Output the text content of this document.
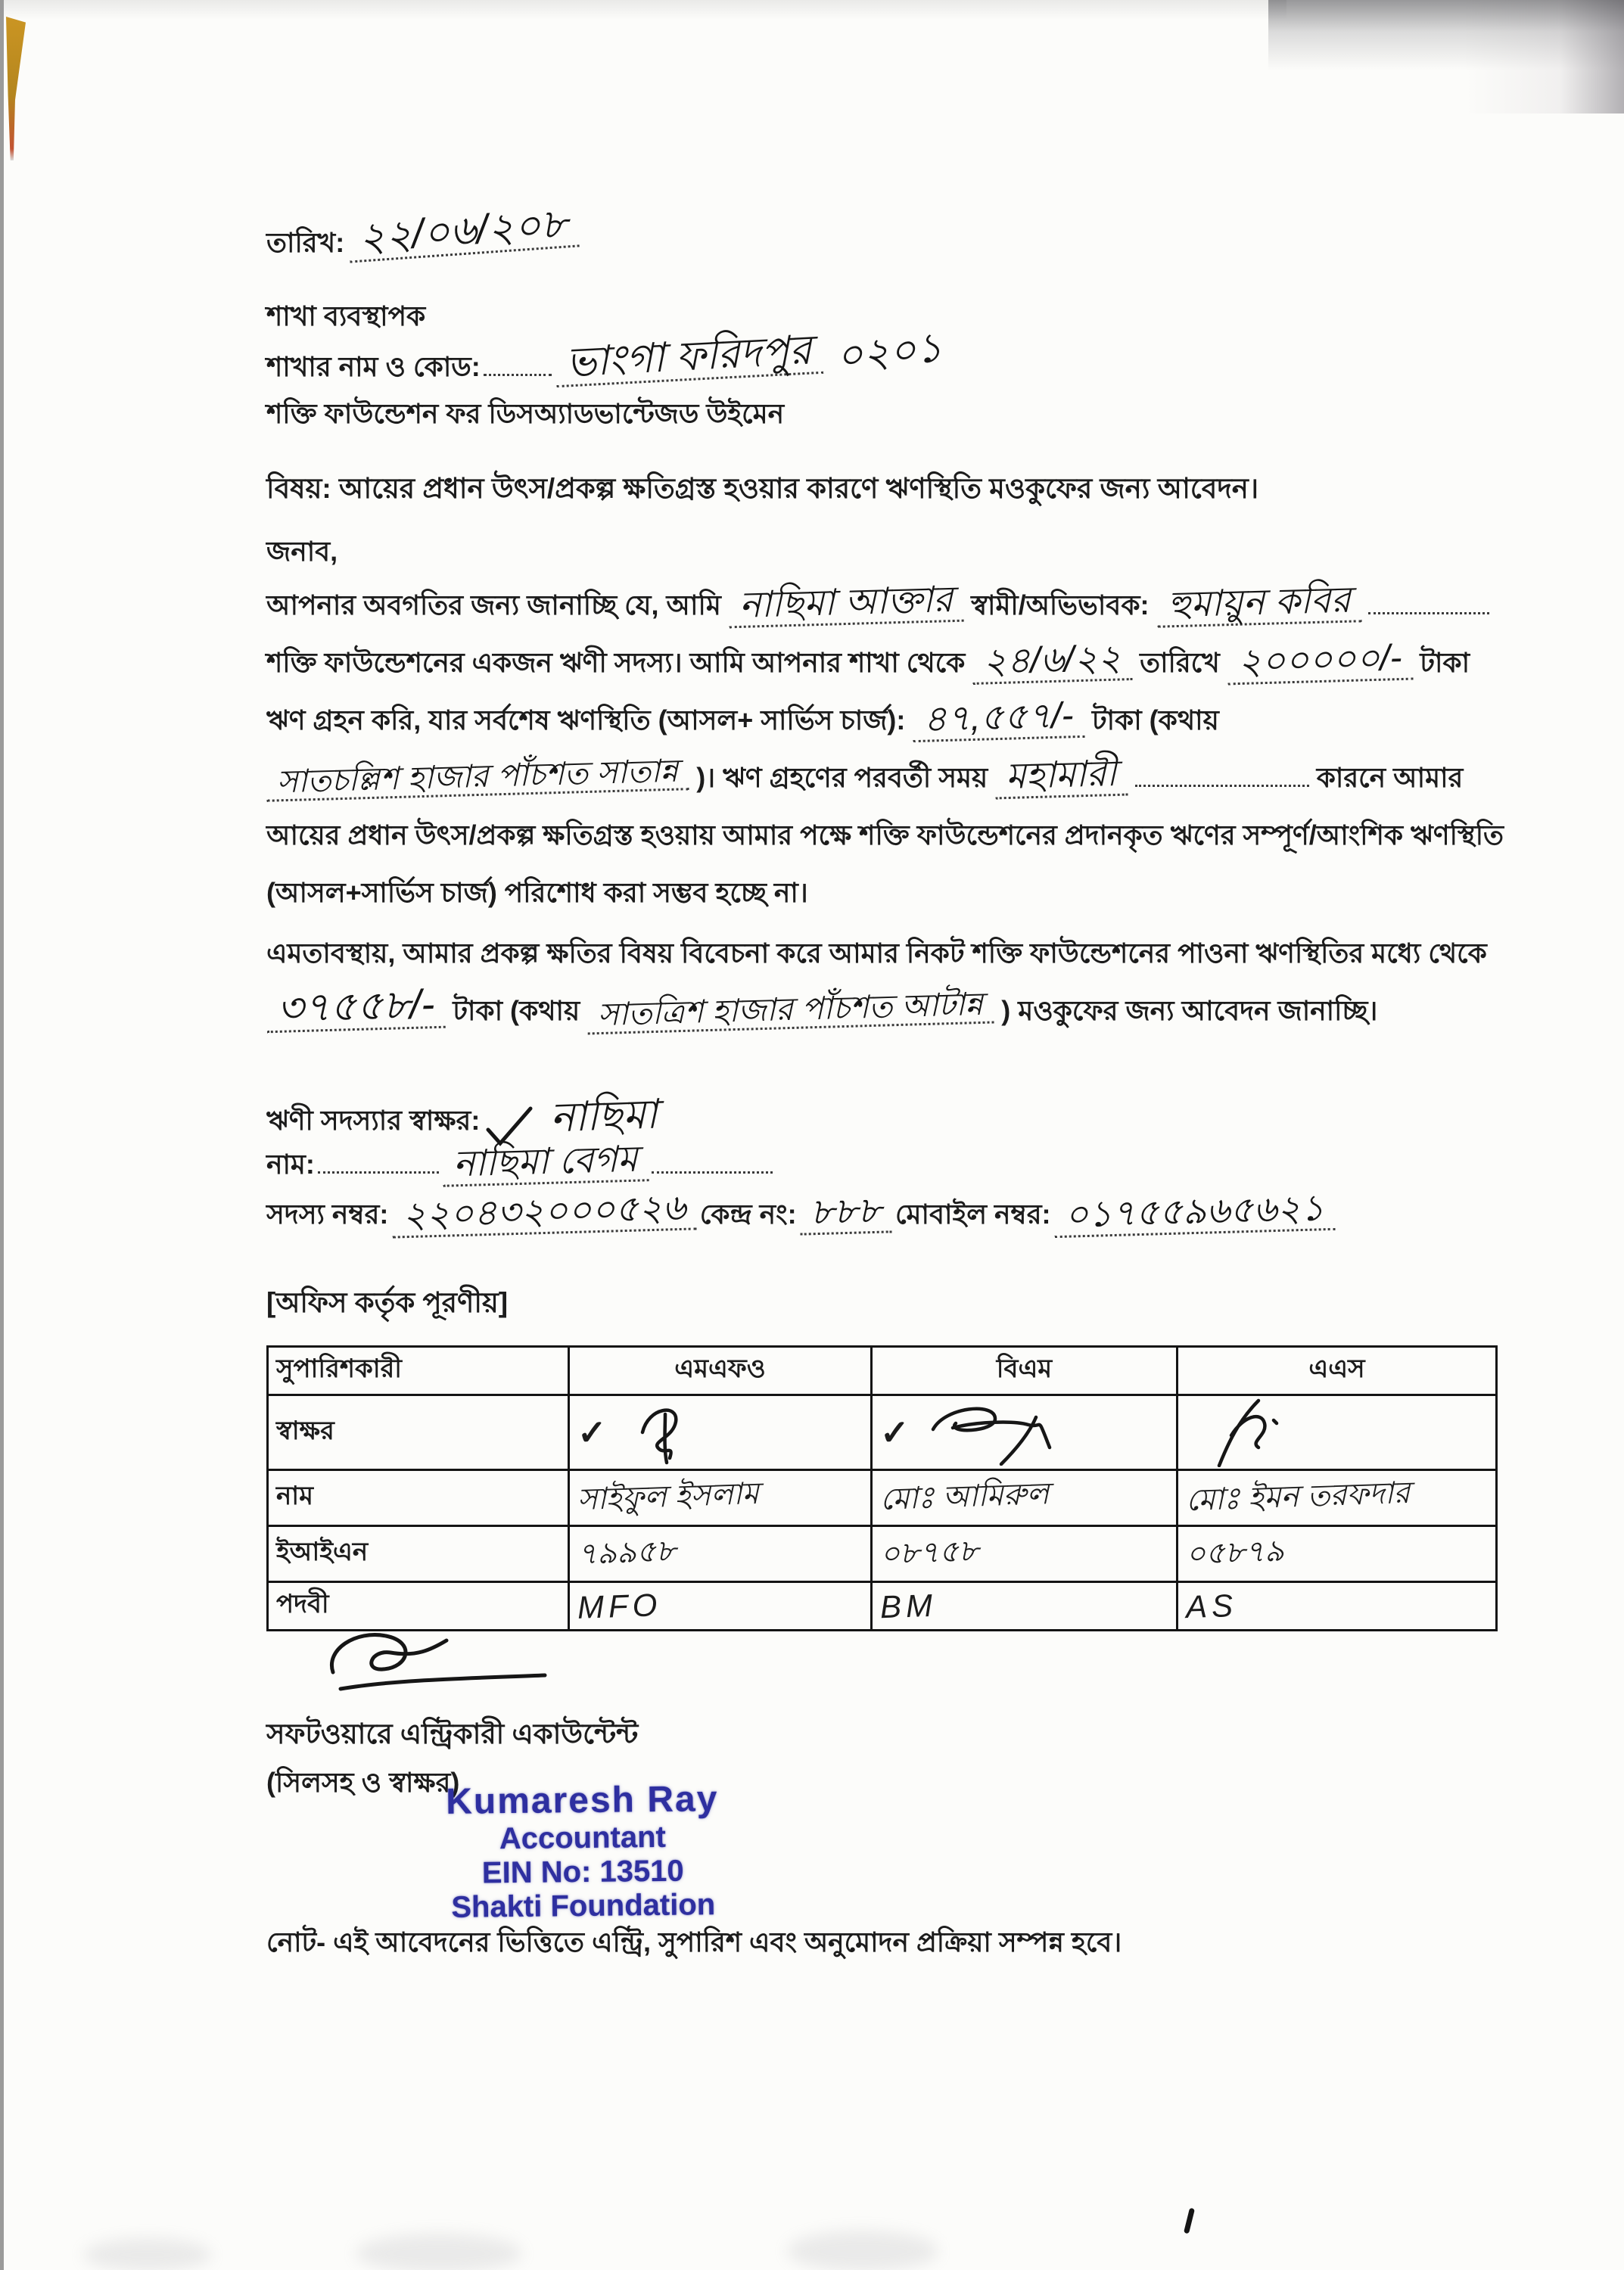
তারিখ: ২২/০৬/২০৮
শাখা ব্যবস্থাপক
শাখার নাম ও কোড: ভাংগা ফরিদপুর ০২০১
শক্তি ফাউন্ডেশন ফর ডিসঅ্যাডভান্টেজড উইমেন
বিষয়: আয়ের প্রধান উৎস/প্রকল্প ক্ষতিগ্রস্ত হওয়ার কারণে ঋণস্থিতি মওকুফের জন্য আবেদন।
জনাব,
আপনার অবগতির জন্য জানাচ্ছি যে, আমি নাছিমা আক্তার স্বামী/অভিভাবক: হুমায়ুন কবির  শক্তি ফাউন্ডেশনের একজন ঋণী সদস্য। আমি আপনার শাখা থেকে ২৪/৬/২২ তারিখে ২০০০০০/- টাকা ঋণ গ্রহন করি, যার সর্বশেষ ঋণস্থিতি (আসল+ সার্ভিস চার্জ): ৪৭,৫৫৭/- টাকা (কথায় সাতচল্লিশ হাজার পাঁচশত সাতান্ন )। ঋণ গ্রহণের পরবর্তী সময় মহামারী	কারনে আমার আয়ের প্রধান উৎস/প্রকল্প ক্ষতিগ্রস্ত হওয়ায় আমার পক্ষে শক্তি ফাউন্ডেশনের প্রদানকৃত ঋণের সম্পূর্ণ/আংশিক ঋণস্থিতি (আসল+সার্ভিস চার্জ) পরিশোধ করা সম্ভব হচ্ছে না।
এমতাবস্থায়, আমার প্রকল্প ক্ষতির বিষয় বিবেচনা করে আমার নিকট শক্তি ফাউন্ডেশনের পাওনা ঋণস্থিতির মধ্যে থেকে ৩৭৫৫৮/- টাকা (কথায় সাতত্রিশ হাজার পাঁচশত আটান্ন ) মওকুফের জন্য আবেদন জানাচ্ছি।
ঋণী সদস্যার স্বাক্ষর: নাছিমা
নাম:	নাছিমা বেগম
সদস্য নম্বর: ২২০৪৩২০০০৫২৬ কেন্দ্র নং: ৮৮৮ মোবাইল নম্বর: ০১৭৫৫৯৬৫৬২১
[অফিস কর্তৃক পূরণীয়]
সুপারিশকারী	এমএফও	বিএম	এএস
স্বাক্ষর	✓	✓	
নাম	সাইফুল ইসলাম	মোঃ আমিরুল	মোঃ ইমন তরফদার
ইআইএন	৭৯৯৫৮	০৮৭৫৮	০৫৮৭৯
পদবী	MFO	BM	AS
সফটওয়ারে এন্ট্রিকারী একাউন্টেন্ট
(সিলসহ ও স্বাক্ষর)
Kumaresh Ray
Accountant
EIN No: 13510
Shakti Foundation
নোট- এই আবেদনের ভিত্তিতে এন্ট্রি, সুপারিশ এবং অনুমোদন প্রক্রিয়া সম্পন্ন হবে।
